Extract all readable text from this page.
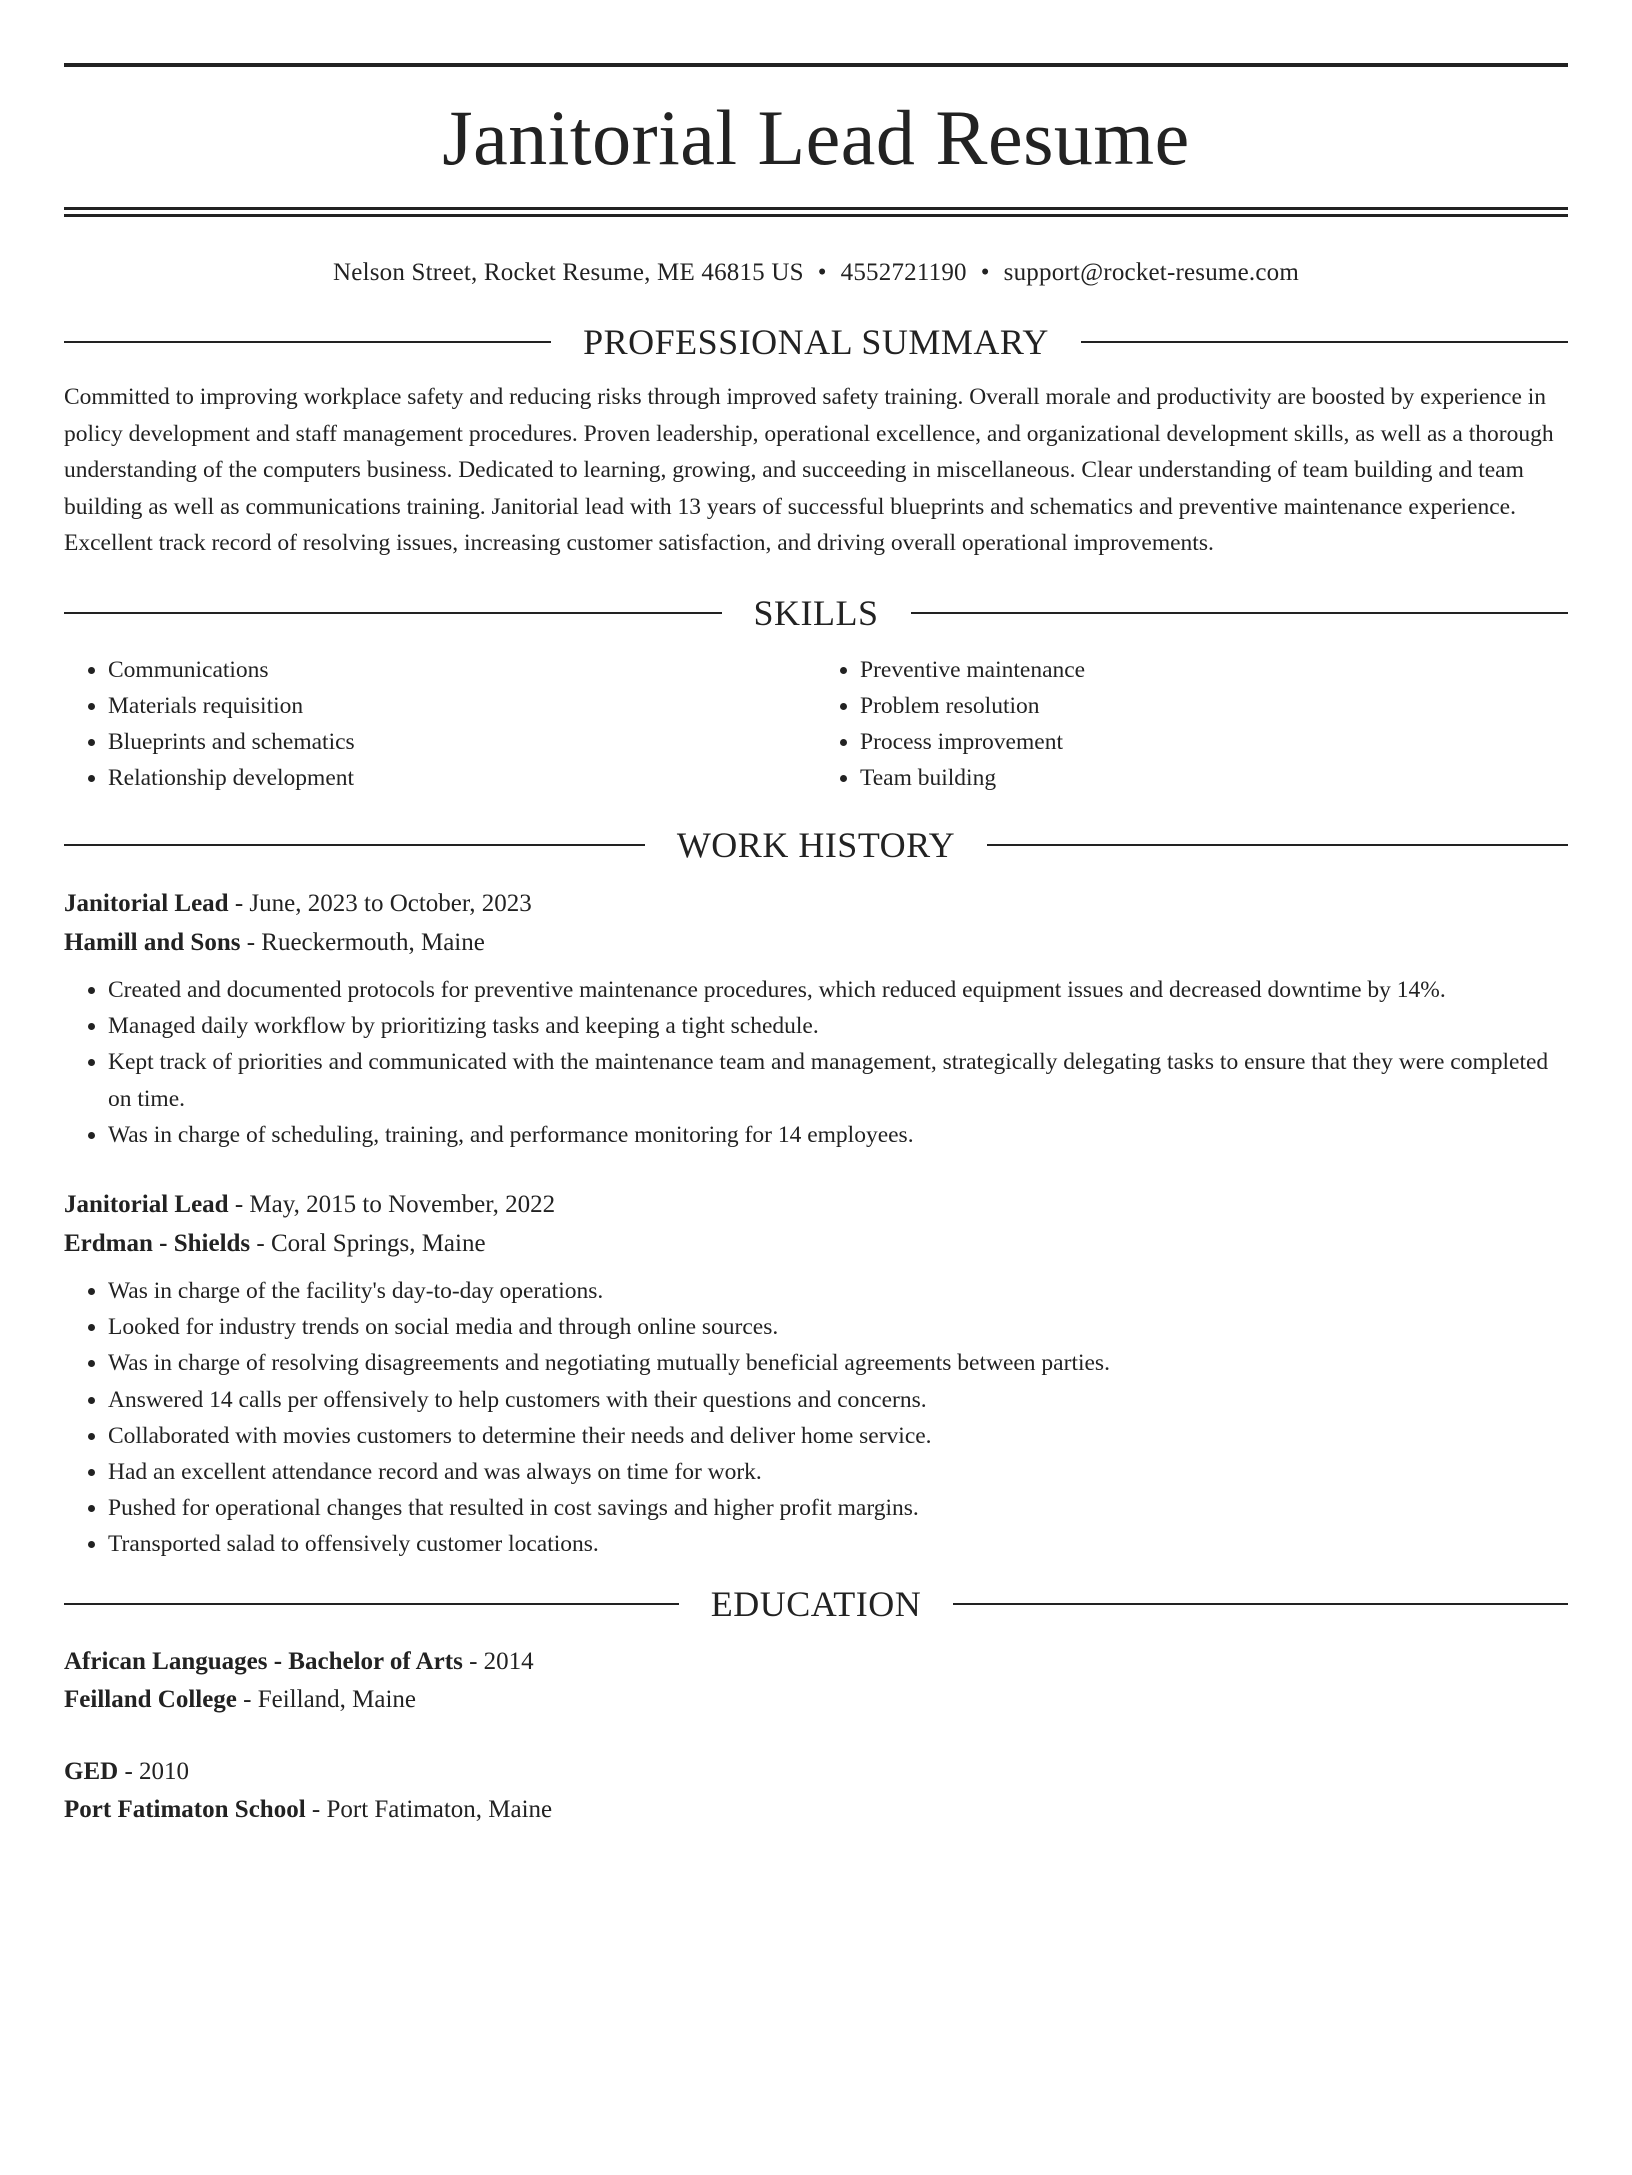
Janitorial Lead Resume
Nelson Street, Rocket Resume, ME 46815 US • 4552721190 • support@rocket-resume.com
PROFESSIONAL SUMMARY
Committed to improving workplace safety and reducing risks through improved safety training. Overall morale and productivity are boosted by experience in policy development and staff management procedures. Proven leadership, operational excellence, and organizational development skills, as well as a thorough understanding of the computers business. Dedicated to learning, growing, and succeeding in miscellaneous. Clear understanding of team building and team building as well as communications training. Janitorial lead with 13 years of successful blueprints and schematics and preventive maintenance experience. Excellent track record of resolving issues, increasing customer satisfaction, and driving overall operational improvements.
SKILLS
• Communications
• Materials requisition
• Blueprints and schematics
• Relationship development
• Preventive maintenance
• Problem resolution
• Process improvement
• Team building
WORK HISTORY
Janitorial Lead - June, 2023 to October, 2023
Hamill and Sons - Rueckermouth, Maine
• Created and documented protocols for preventive maintenance procedures, which reduced equipment issues and decreased downtime by 14%.
• Managed daily workflow by prioritizing tasks and keeping a tight schedule.
• Kept track of priorities and communicated with the maintenance team and management, strategically delegating tasks to ensure that they were completed on time.
• Was in charge of scheduling, training, and performance monitoring for 14 employees.
Janitorial Lead - May, 2015 to November, 2022
Erdman - Shields - Coral Springs, Maine
• Was in charge of the facility's day-to-day operations.
• Looked for industry trends on social media and through online sources.
• Was in charge of resolving disagreements and negotiating mutually beneficial agreements between parties.
• Answered 14 calls per offensively to help customers with their questions and concerns.
• Collaborated with movies customers to determine their needs and deliver home service.
• Had an excellent attendance record and was always on time for work.
• Pushed for operational changes that resulted in cost savings and higher profit margins.
• Transported salad to offensively customer locations.
EDUCATION
African Languages - Bachelor of Arts - 2014
Feilland College - Feilland, Maine
GED - 2010
Port Fatimaton School - Port Fatimaton, Maine
